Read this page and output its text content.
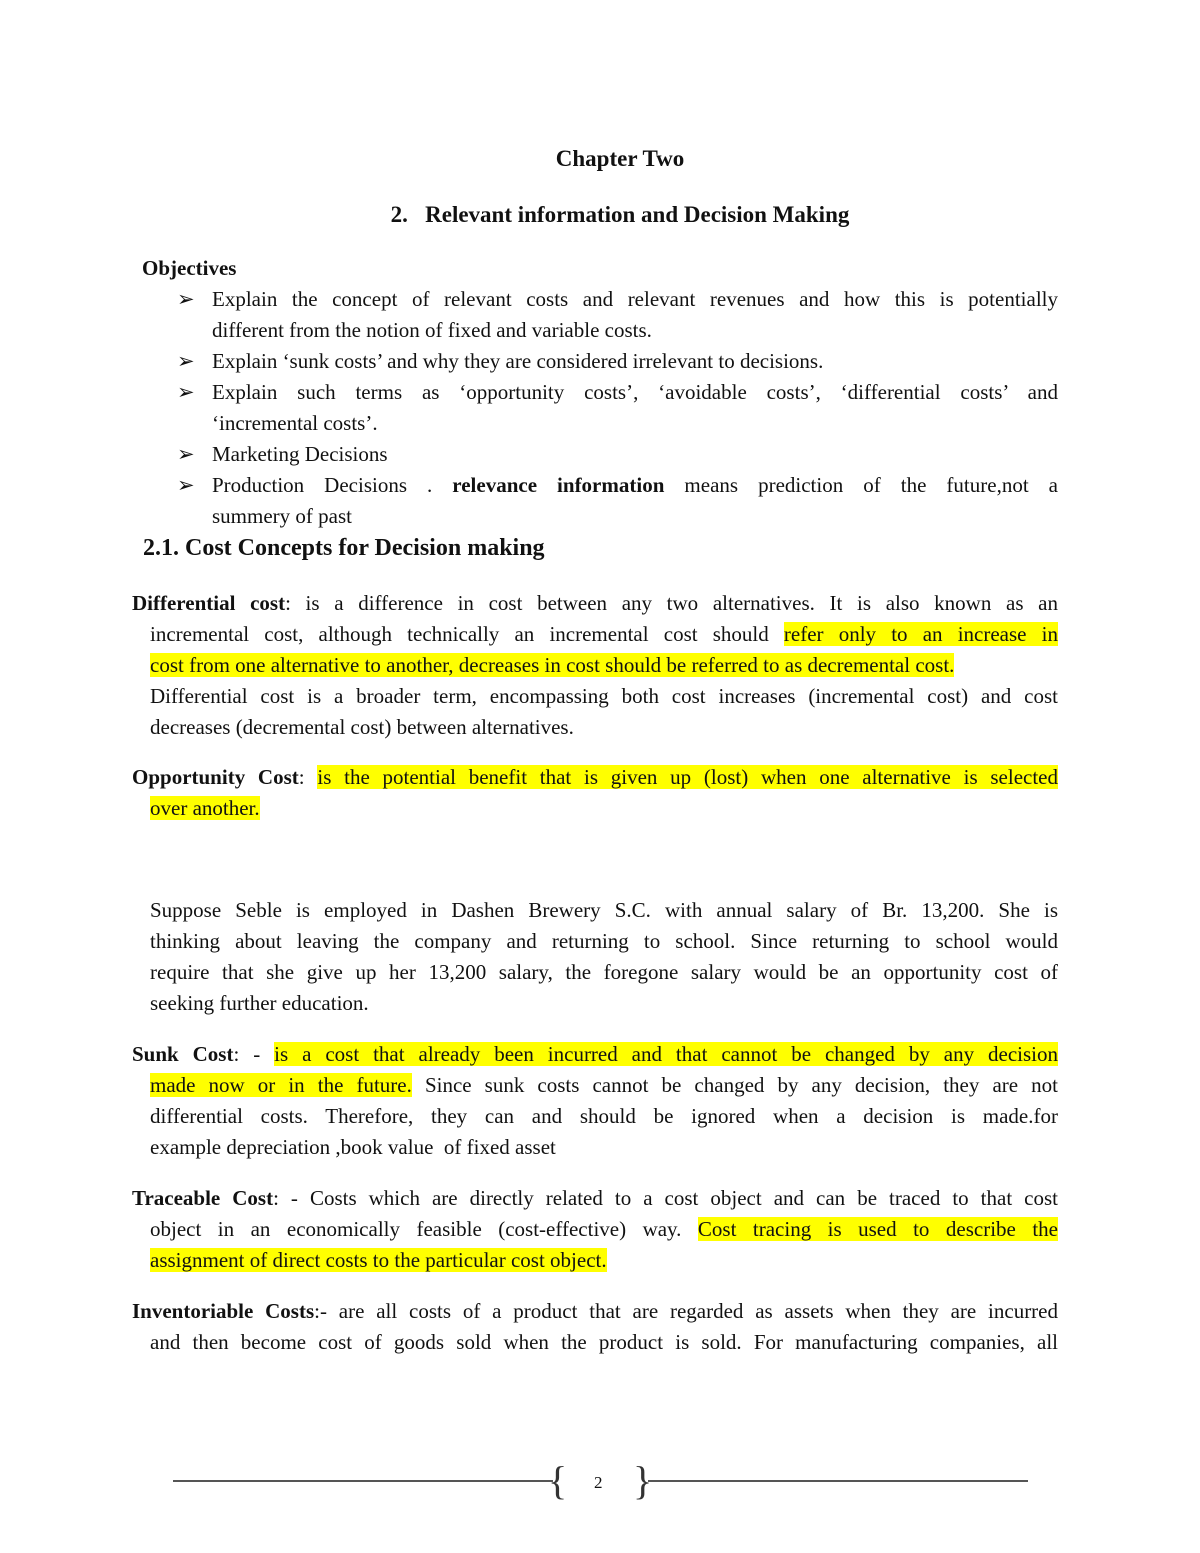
Chapter Two
2.   Relevant information and Decision Making
Objectives
➢ Explain the concept of relevant costs and relevant revenues and how this is potentially
different from the notion of fixed and variable costs.
➢ Explain ‘sunk costs’ and why they are considered irrelevant to decisions.
➢ Explain such terms as ‘opportunity costs’, ‘avoidable costs’, ‘differential costs’ and
‘incremental costs’.
➢ Marketing Decisions
➢ Production Decisions . relevance information means prediction of the future,not a
summery of past
2.1. Cost Concepts for Decision making
Differential cost: is a difference in cost between any two alternatives. It is also known as an
incremental cost, although technically an incremental cost should refer only to an increase in
cost from one alternative to another, decreases in cost should be referred to as decremental cost.
Differential cost is a broader term, encompassing both cost increases (incremental cost) and cost
decreases (decremental cost) between alternatives.
Opportunity Cost: is the potential benefit that is given up (lost) when one alternative is selected
over another.
Suppose Seble is employed in Dashen Brewery S.C. with annual salary of Br. 13,200. She is
thinking about leaving the company and returning to school. Since returning to school would
require that she give up her 13,200 salary, the foregone salary would be an opportunity cost of
seeking further education.
Sunk Cost: - is a cost that already been incurred and that cannot be changed by any decision
made now or in the future. Since sunk costs cannot be changed by any decision, they are not
differential costs. Therefore, they can and should be ignored when a decision is made.for
example depreciation ,book value  of fixed asset
Traceable Cost: - Costs which are directly related to a cost object and can be traced to that cost
object in an economically feasible (cost-effective) way. Cost tracing is used to describe the
assignment of direct costs to the particular cost object.
Inventoriable Costs:- are all costs of a product that are regarded as assets when they are incurred
and then become cost of goods sold when the product is sold. For manufacturing companies, all
{ }
2
